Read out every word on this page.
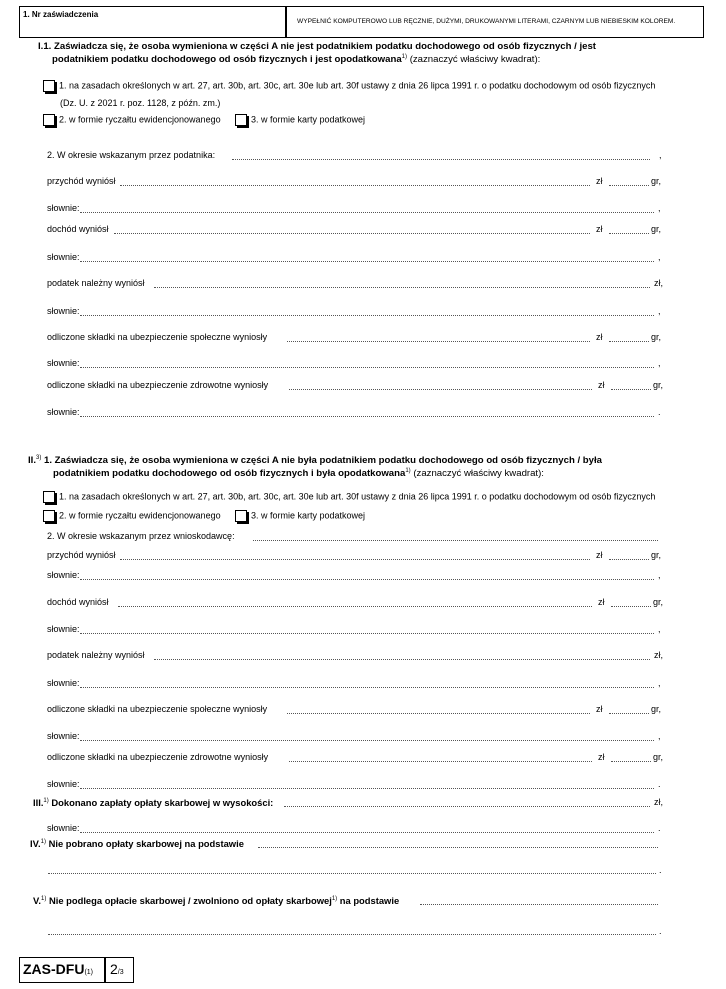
1. Nr zaświadczenia
WYPEŁNIĆ KOMPUTEROWO LUB RĘCZNIE, DUŻYMI, DRUKOWANYMI LITERAMI, CZARNYM LUB NIEBIESKIM KOLOREM.
I.1. Zaświadcza się, że osoba wymieniona w części A nie jest podatnikiem podatku dochodowego od osób fizycznych / jest
podatnikiem podatku dochodowego od osób fizycznych i jest opodatkowana$^{1)}$ (zaznaczyć właściwy kwadrat):
1. na zasadach określonych w art. 27, art. 30b, art. 30c, art. 30e lub art. 30f ustawy z dnia 26 lipca 1991 r. o podatku dochodowym od osób fizycznych
(Dz. U. z 2021 r. poz. 1128, z późn. zm.)
2. w formie ryczałtu ewidencjonowanego	3. w formie karty podatkowej
2. W okresie wskazanym przez podatnika:	,
przychód wyniósł	zł	gr,
słownie:	,
dochód wyniósł	zł	gr,
słownie:	,
podatek należny wyniósł	zł,
słownie:	,
odliczone składki na ubezpieczenie społeczne wyniosły	zł	gr,
słownie:	,
odliczone składki na ubezpieczenie zdrowotne wyniosły	zł	gr,
słownie:	.
II.$^{3)}$ 1. Zaświadcza się, że osoba wymieniona w części A nie była podatnikiem podatku dochodowego od osób fizycznych / była
podatnikiem podatku dochodowego od osób fizycznych i była opodatkowana$^{1)}$ (zaznaczyć właściwy kwadrat):
1. na zasadach określonych w art. 27, art. 30b, art. 30c, art. 30e lub art. 30f ustawy z dnia 26 lipca 1991 r. o podatku dochodowym od osób fizycznych
2. w formie ryczałtu ewidencjonowanego	3. w formie karty podatkowej
2. W okresie wskazanym przez wnioskodawcę:
przychód wyniósł	zł	gr,
słownie:	,
dochód wyniósł	zł	gr,
słownie:	,
podatek należny wyniósł	zł,
słownie:	,
odliczone składki na ubezpieczenie społeczne wyniosły	zł	gr,
słownie:	,
odliczone składki na ubezpieczenie zdrowotne wyniosły	zł	gr,
słownie:	.
III.$^{1)}$ Dokonano zapłaty opłaty skarbowej w wysokości:	zł,
słownie:	.
IV.$^{1)}$ Nie pobrano opłaty skarbowej na podstawie
.
V.$^{1)}$ Nie podlega opłacie skarbowej / zwolniono od opłaty skarbowej$^{1)}$ na podstawie
.
ZAS-DFU(1) 2/3
